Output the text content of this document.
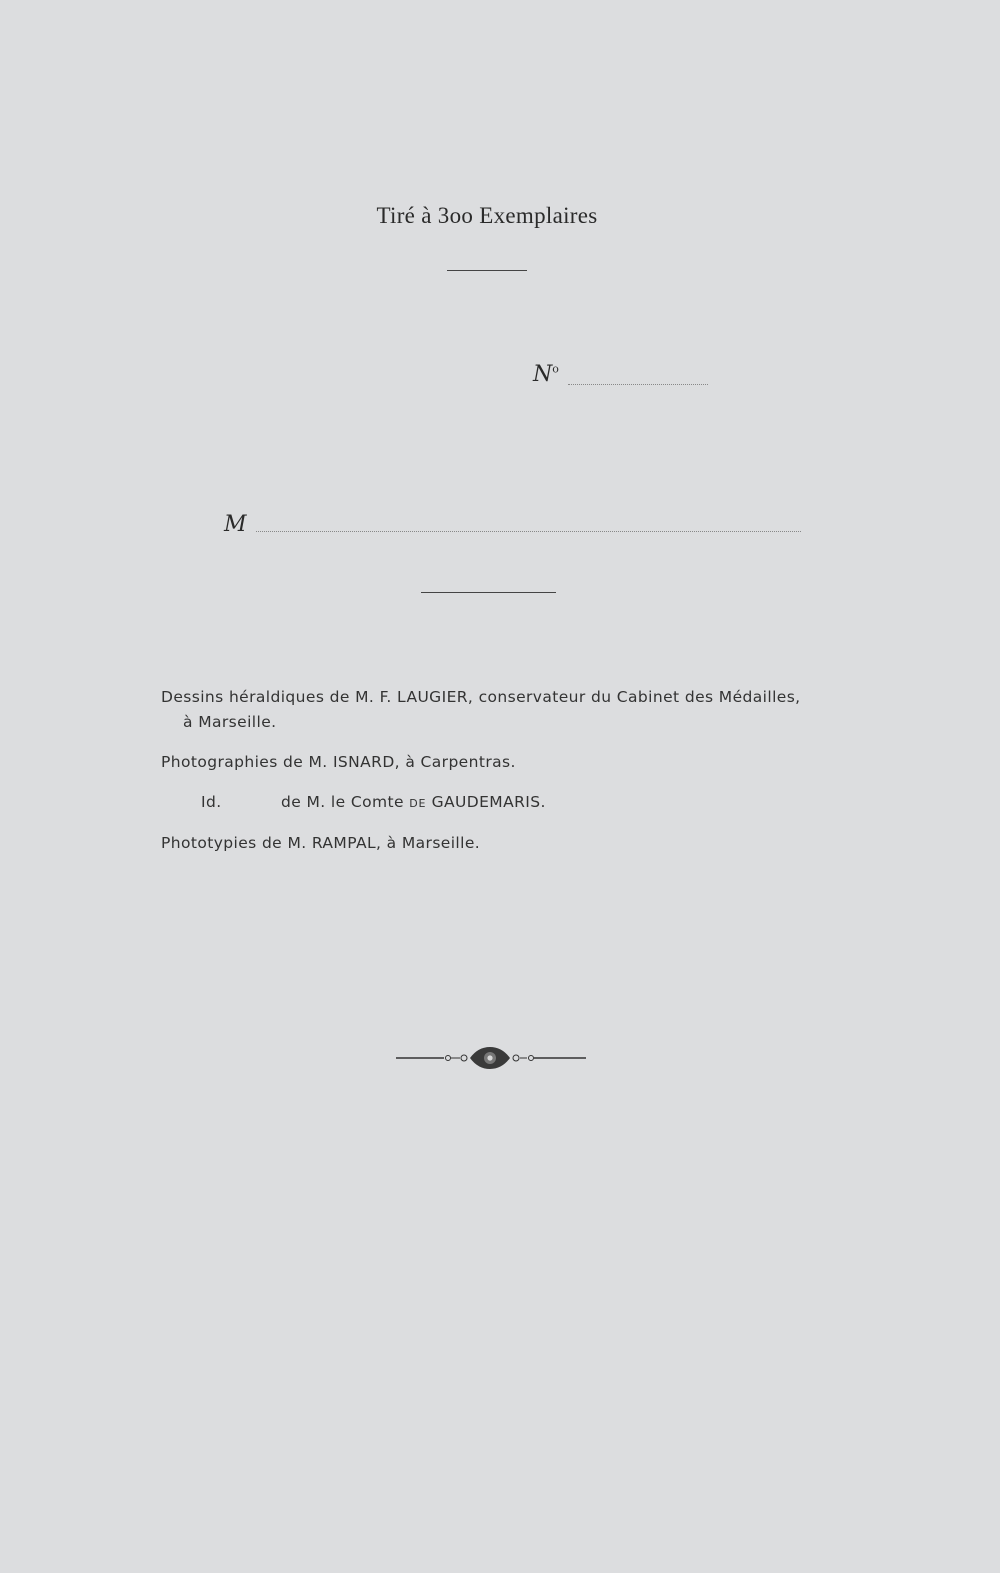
Tiré à 3oo Exemplaires
$N^o$
M

Dessins héraldiques de M. F. LAUGIER, conservateur du Cabinet des Médailles,

à Marseille.

Photographies de M. ISNARD, à Carpentras.

Id.	de M. le Comte DE GAUDEMARIS.

Phototypies de M. RAMPAL, à Marseille.
